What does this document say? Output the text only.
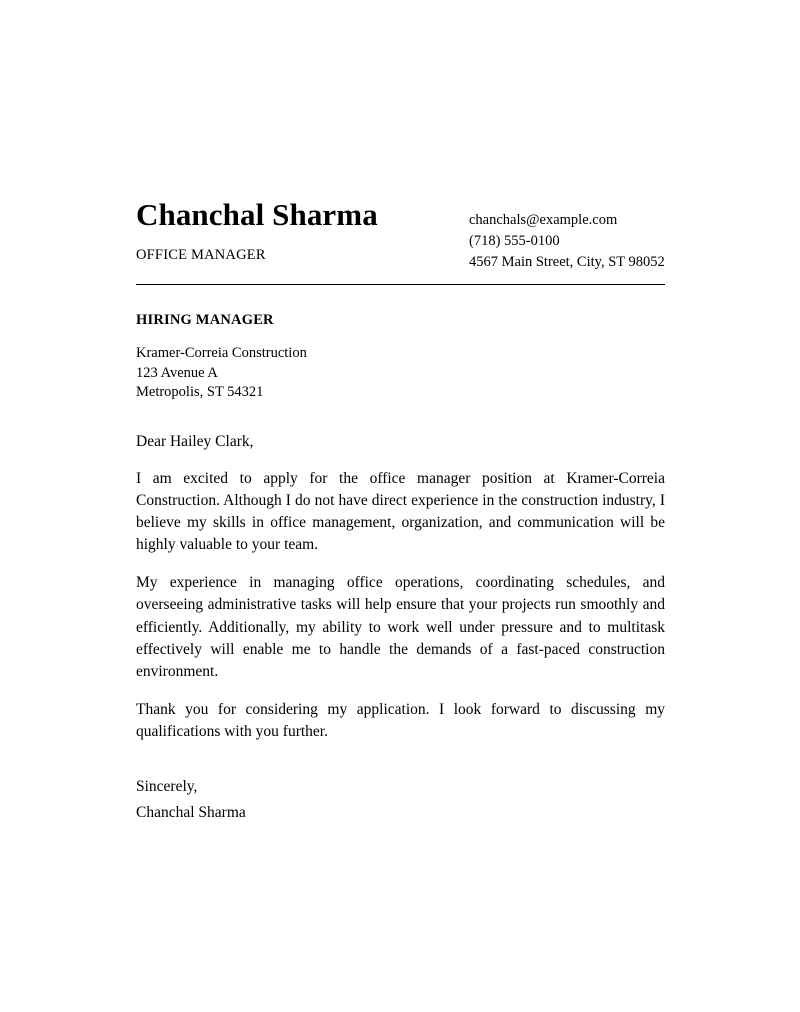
Chanchal Sharma
OFFICE MANAGER
chanchals@example.com
(718) 555-0100
4567 Main Street, City, ST 98052
HIRING MANAGER
Kramer-Correia Construction
123 Avenue A
Metropolis, ST 54321
Dear Hailey Clark,

I am excited to apply for the office manager position at Kramer-Correia Construction. Although I do not have direct experience in the construction industry, I believe my skills in office management, organization, and communication will be highly valuable to your team.

My experience in managing office operations, coordinating schedules, and overseeing administrative tasks will help ensure that your projects run smoothly and efficiently. Additionally, my ability to work well under pressure and to multitask effectively will enable me to handle the demands of a fast-paced construction environment.

Thank you for considering my application. I look forward to discussing my qualifications with you further.

Sincerely,
Chanchal Sharma
